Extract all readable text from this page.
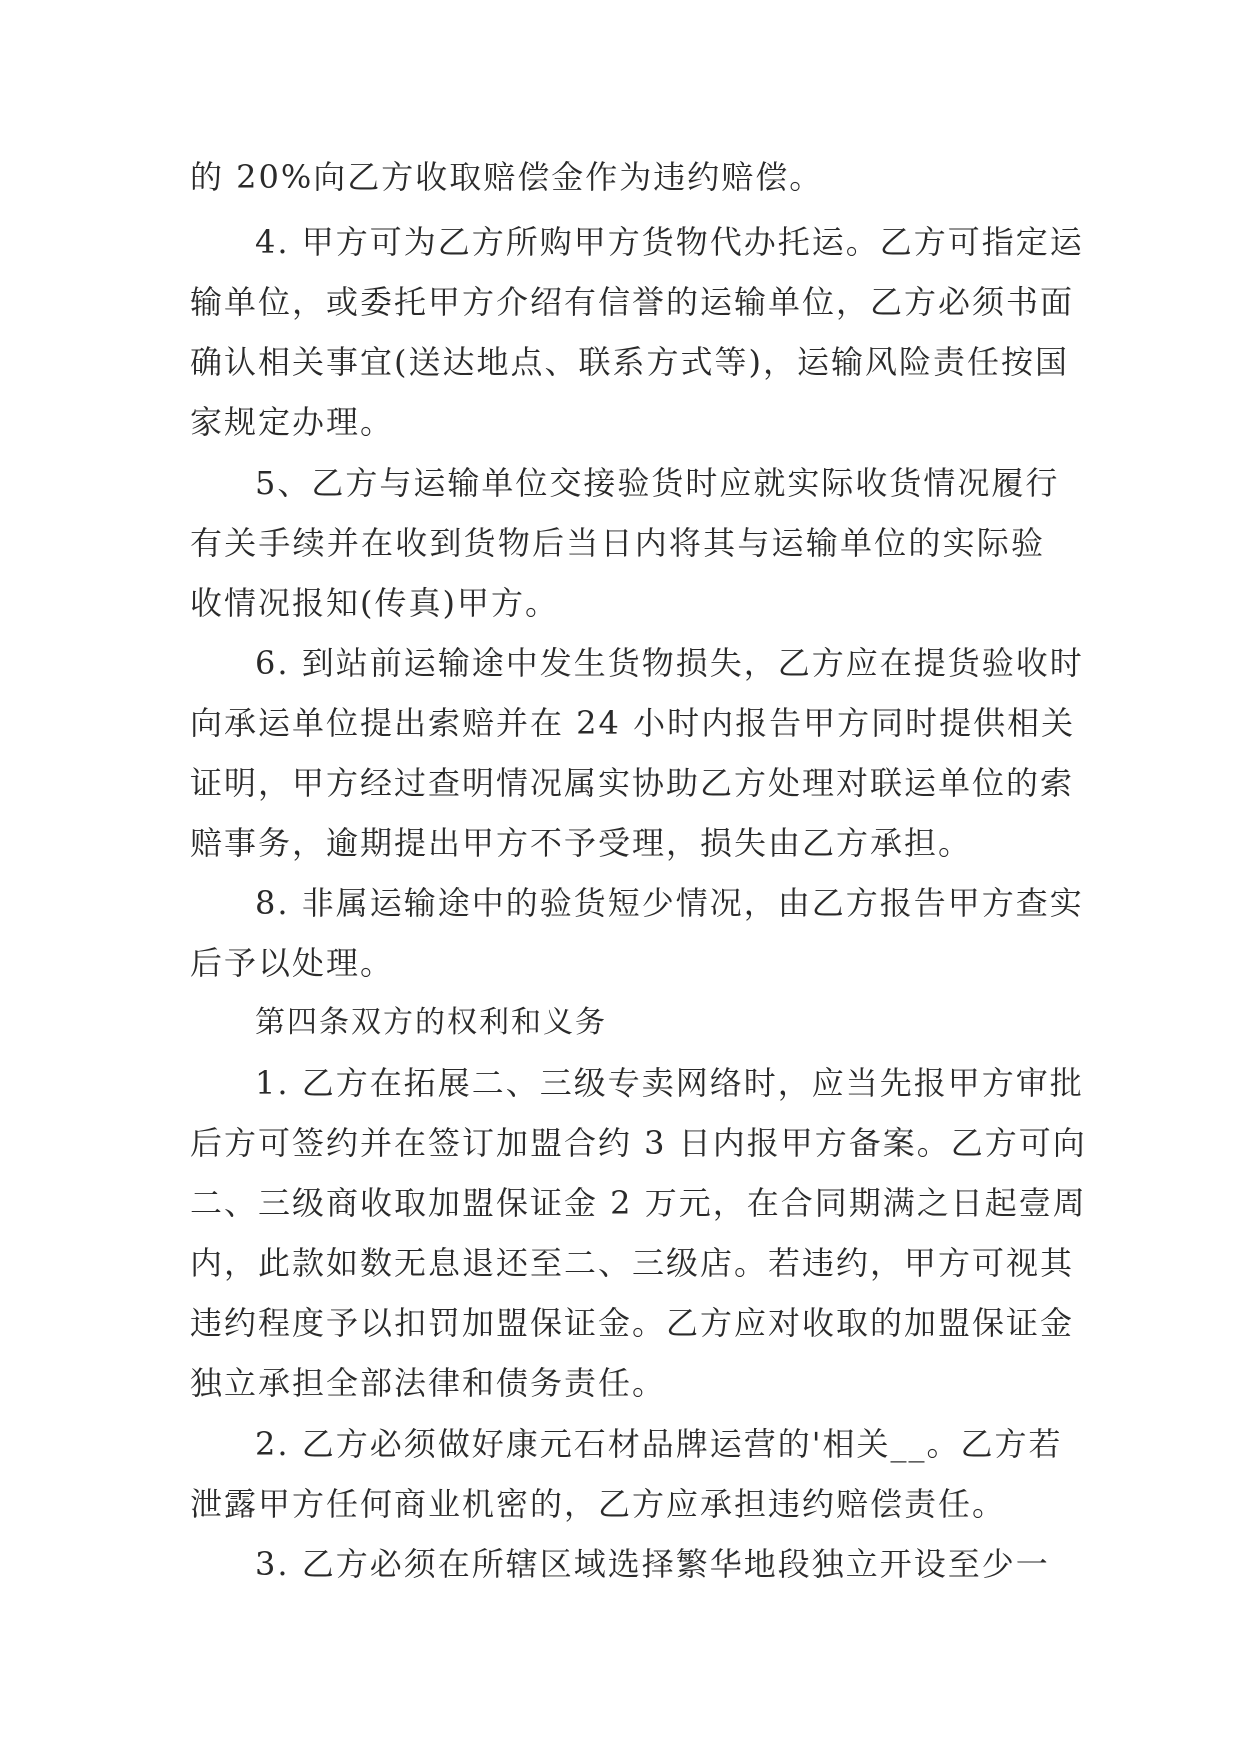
的 20%向乙方收取赔偿金作为违约赔偿。
4. 甲方可为乙方所购甲方货物代办托运。乙方可指定运
输单位，或委托甲方介绍有信誉的运输单位，乙方必须书面
确认相关事宜(送达地点、联系方式等)，运输风险责任按国
家规定办理。
5、乙方与运输单位交接验货时应就实际收货情况履行
有关手续并在收到货物后当日内将其与运输单位的实际验
收情况报知(传真)甲方。
6. 到站前运输途中发生货物损失，乙方应在提货验收时
向承运单位提出索赔并在 24 小时内报告甲方同时提供相关
证明，甲方经过查明情况属实协助乙方处理对联运单位的索
赔事务，逾期提出甲方不予受理，损失由乙方承担。
8. 非属运输途中的验货短少情况，由乙方报告甲方查实
后予以处理。
第四条双方的权利和义务
1. 乙方在拓展二、三级专卖网络时，应当先报甲方审批
后方可签约并在签订加盟合约 3 日内报甲方备案。乙方可向
二、三级商收取加盟保证金 2 万元，在合同期满之日起壹周
内，此款如数无息退还至二、三级店。若违约，甲方可视其
违约程度予以扣罚加盟保证金。乙方应对收取的加盟保证金
独立承担全部法律和债务责任。
2. 乙方必须做好康元石材品牌运营的'相关__。乙方若
泄露甲方任何商业机密的，乙方应承担违约赔偿责任。
3. 乙方必须在所辖区域选择繁华地段独立开设至少一
